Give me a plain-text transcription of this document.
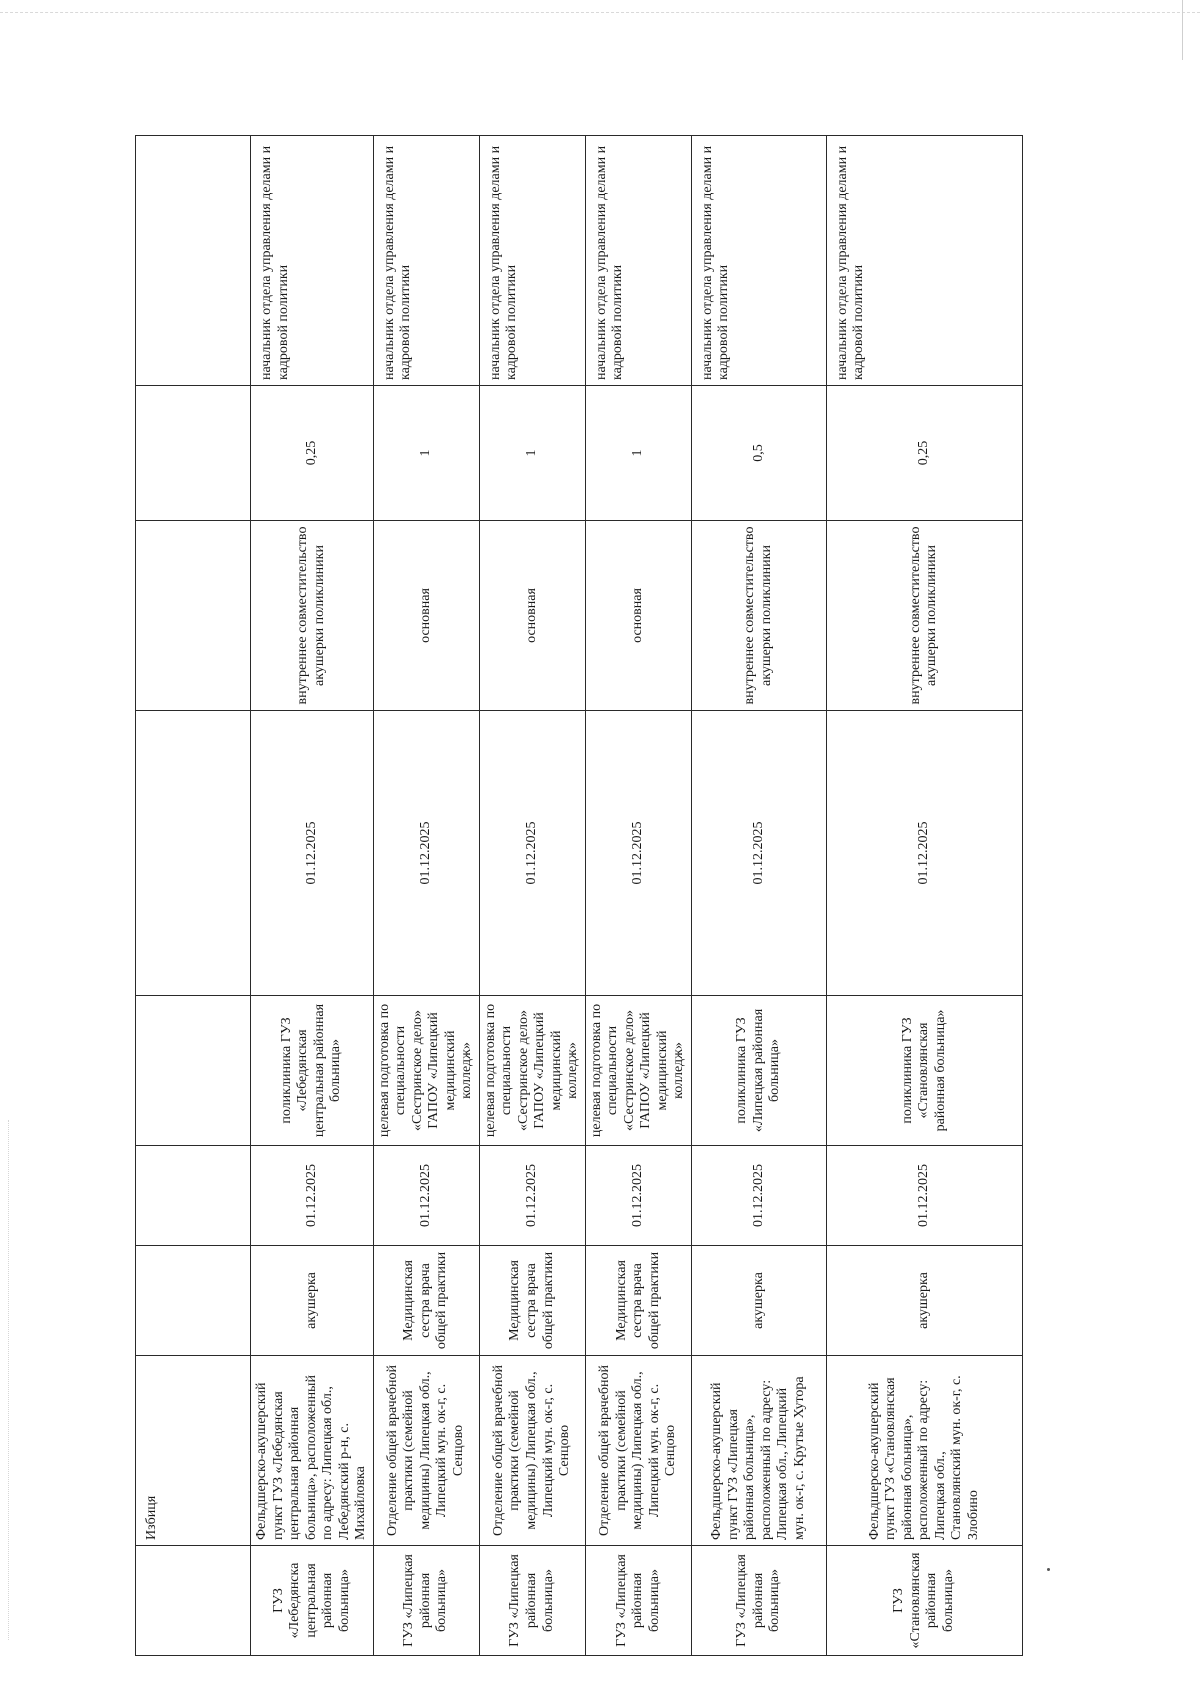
	Избиця							
ГУЗ «Лебедянска центральная районная больница»	Фельдшерско-акушерский пункт ГУЗ «Лебедянская центральная районная больница», расположенный по адресу: Липецкая обл., Лебедянский р-н, с. Михайловка	акушерка	01.12.2025	поликлиника ГУЗ «Лебедянская центральная районная больница»	01.12.2025	внутреннее совместительство акушерки поликлиники	0,25	начальник отдела управления делами и кадровой политики
ГУЗ «Липецкая районная больница»	Отделение общей врачебной практики (семейной медицины) Липецкая обл., Липецкий мун. ок-г, с. Сенцово	Медицинская сестра врача общей практики	01.12.2025	целевая подготовка по специальности «Сестринское дело» ГАПОУ «Липецкий медицинский колледж»	01.12.2025	основная	1	начальник отдела управления делами и кадровой политики
ГУЗ «Липецкая районная больница»	Отделение общей врачебной практики (семейной медицины) Липецкая обл., Липецкий мун. ок-г, с. Сенцово	Медицинская сестра врача общей практики	01.12.2025	целевая подготовка по специальности «Сестринское дело» ГАПОУ «Липецкий медицинский колледж»	01.12.2025	основная	1	начальник отдела управления делами и кадровой политики
ГУЗ «Липецкая районная больница»	Отделение общей врачебной практики (семейной медицины) Липецкая обл., Липецкий мун. ок-г, с. Сенцово	Медицинская сестра врача общей практики	01.12.2025	целевая подготовка по специальности «Сестринское дело» ГАПОУ «Липецкий медицинский колледж»	01.12.2025	основная	1	начальник отдела управления делами и кадровой политики
ГУЗ «Липецкая районная больница»	Фельдшерско-акушерский пункт ГУЗ «Липецкая районная больница», расположенный по адресу: Липецкая обл., Липецкий мун. ок-г, с. Крутые Хутора	акушерка	01.12.2025	поликлиника ГУЗ «Липецкая районная больница»	01.12.2025	внутреннее совместительство акушерки поликлиники	0,5	начальник отдела управления делами и кадровой политики
ГУЗ «Становлянская районная больница»	Фельдшерско-акушерский пункт ГУЗ «Становлянская районная больница», расположенный по адресу: Липецкая обл., Становлянский мун. ок-г, с. Злобино	акушерка	01.12.2025	поликлиника ГУЗ «Становлянская районная больница»	01.12.2025	внутреннее совместительство акушерки поликлиники	0,25	начальник отдела управления делами и кадровой политики
